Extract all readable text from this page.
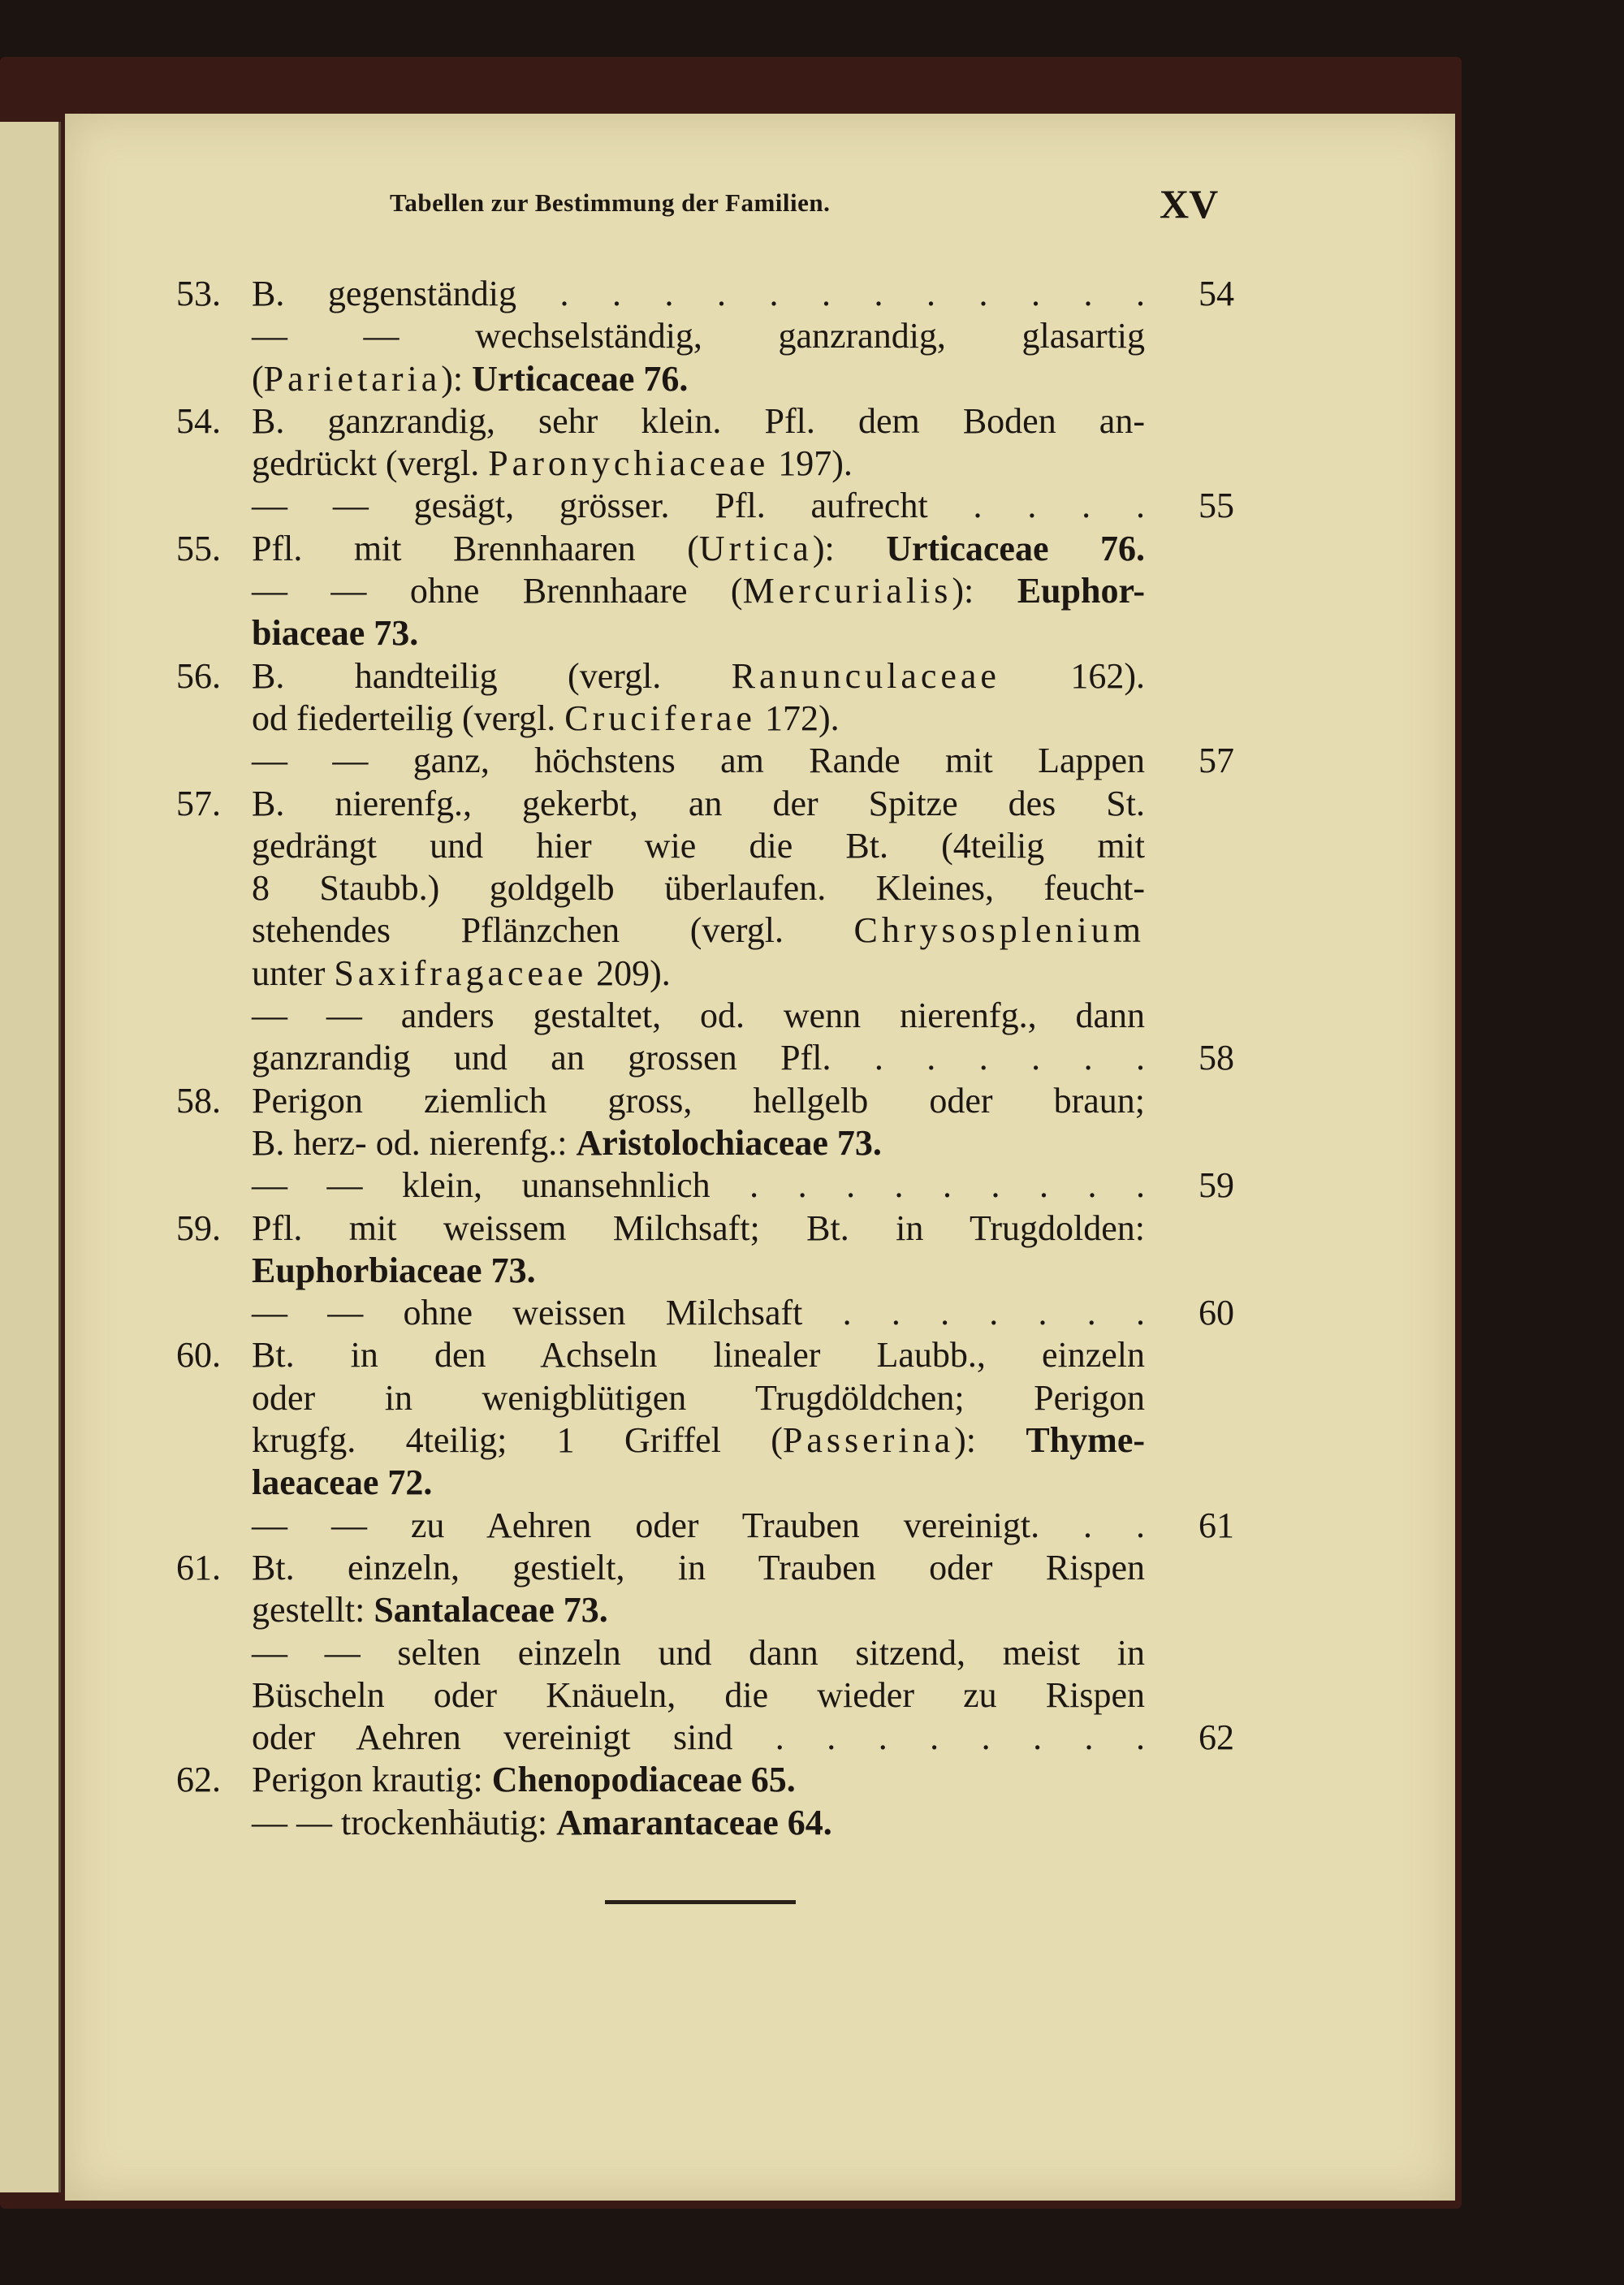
Tabellen zur Bestimmung der Familien.	XV
53. B. gegenständig . . . . . . . . . . . .	54
— — wechselständig, ganzrandig, glasartig
(Parietaria): Urticaceae 76.
54. B. ganzrandig, sehr klein. Pfl. dem Boden an-
gedrückt (vergl. Paronychiaceae 197).
— — gesägt, grösser. Pfl. aufrecht . . . .	55
55. Pfl. mit Brennhaaren (Urtica): Urticaceae 76.
— — ohne Brennhaare (Mercurialis): Euphor-
biaceae 73.
56. B. handteilig (vergl. Ranunculaceae 162).
od fiederteilig (vergl. Cruciferae 172).
— — ganz, höchstens am Rande mit Lappen	57
57. B. nierenfg., gekerbt, an der Spitze des St.
gedrängt und hier wie die Bt. (4teilig mit
8 Staubb.) goldgelb überlaufen. Kleines, feucht-
stehendes Pflänzchen (vergl. Chrysosplenium
unter Saxifragaceae 209).
— — anders gestaltet, od. wenn nierenfg., dann
ganzrandig und an grossen Pfl. . . . . . .	58
58. Perigon ziemlich gross, hellgelb oder braun;
B. herz- od. nierenfg.: Aristolochiaceae 73.
— — klein, unansehnlich . . . . . . . . .	59
59. Pfl. mit weissem Milchsaft; Bt. in Trugdolden:
Euphorbiaceae 73.
— — ohne weissen Milchsaft . . . . . . .	60
60. Bt. in den Achseln linealer Laubb., einzeln
oder in wenigblütigen Trugdöldchen; Perigon
krugfg. 4teilig; 1 Griffel (Passerina): Thyme-
laeaceae 72.
— — zu Aehren oder Trauben vereinigt. . .	61
61. Bt. einzeln, gestielt, in Trauben oder Rispen
gestellt: Santalaceae 73.
— — selten einzeln und dann sitzend, meist in
Büscheln oder Knäueln, die wieder zu Rispen
oder Aehren vereinigt sind . . . . . . . .	62
62. Perigon krautig: Chenopodiaceae 65.
— — trockenhäutig: Amarantaceae 64.
